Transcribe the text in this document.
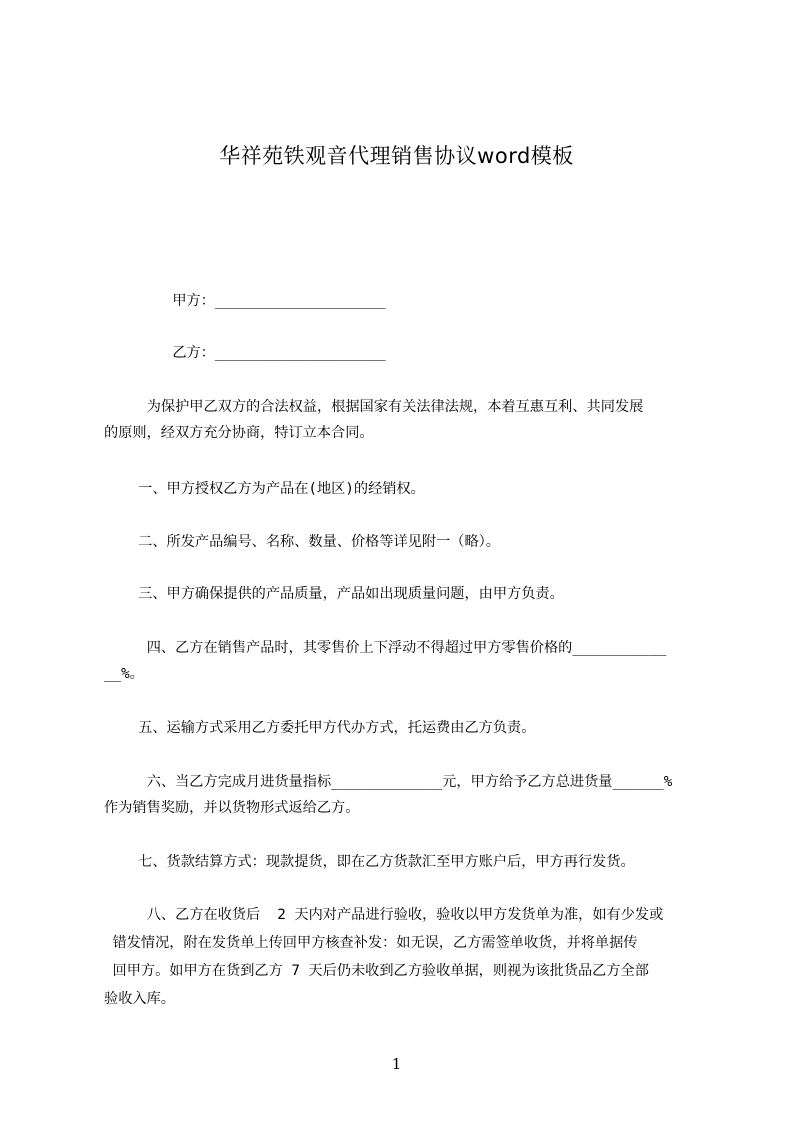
华祥苑铁观音代理销售协议word模板
甲方：____________________
乙方：____________________
为保护甲乙双方的合法权益，根据国家有关法律法规，本着互惠互利、共同发展
的原则，经双方充分协商，特订立本合同。
一、甲方授权乙方为产品在(地区)的经销权。
二、所发产品编号、名称、数量、价格等详见附一（略）。
三、甲方确保提供的产品质量，产品如出现质量问题，由甲方负责。
四、乙方在销售产品时，其零售价上下浮动不得超过甲方零售价格的___________
__%。
五、运输方式采用乙方委托甲方代办方式，托运费由乙方负责。
六、当乙方完成月进货量指标_____________元，甲方给予乙方总进货量______%
作为销售奖励，并以货物形式返给乙方。
七、货款结算方式：现款提货，即在乙方货款汇至甲方账户后，甲方再行发货。
八、乙方在收货后  2 天内对产品进行验收，验收以甲方发货单为准，如有少发或
错发情况，附在发货单上传回甲方核查补发：如无误，乙方需签单收货，并将单据传
回甲方。如甲方在货到乙方 7 天后仍未收到乙方验收单据，则视为该批货品乙方全部
验收入库。
1
